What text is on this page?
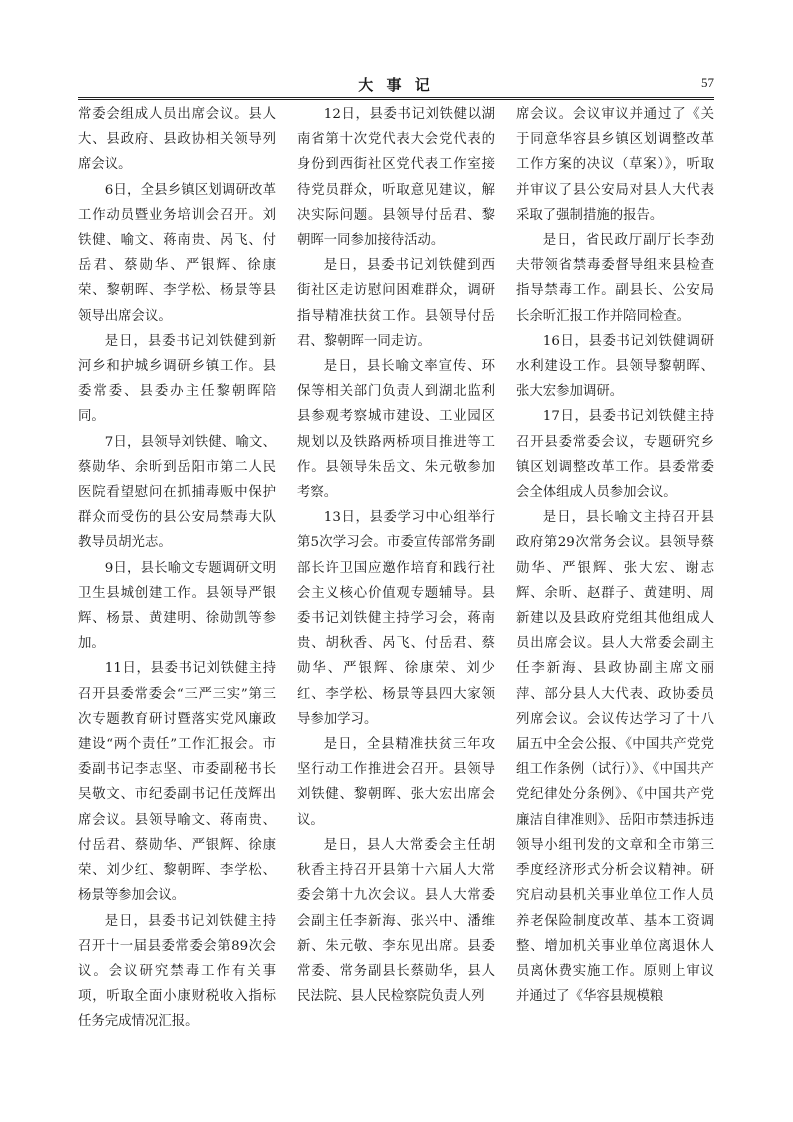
大 事 记	57

常委会组成人员出席会议。县人大、县政府、县政协相关领导列席会议。

6日，全县乡镇区划调研改革工作动员暨业务培训会召开。刘铁健、喻文、蒋南贵、呙飞、付岳君、蔡勋华、严银辉、徐康荣、黎朝晖、李学松、杨景等县领导出席会议。

是日，县委书记刘铁健到新河乡和护城乡调研乡镇工作。县委常委、县委办主任黎朝晖陪同。

7日，县领导刘铁健、喻文、蔡勋华、余昕到岳阳市第二人民医院看望慰问在抓捕毒贩中保护群众而受伤的县公安局禁毒大队教导员胡光志。

9日，县长喻文专题调研文明卫生县城创建工作。县领导严银辉、杨景、黄建明、徐勋凯等参加。

11日，县委书记刘铁健主持召开县委常委会“三严三实”第三次专题教育研讨暨落实党风廉政建设“两个责任”工作汇报会。市委副书记李志坚、市委副秘书长吴敬文、市纪委副书记任茂辉出席会议。县领导喻文、蒋南贵、付岳君、蔡勋华、严银辉、徐康荣、刘少红、黎朝晖、李学松、杨景等参加会议。

是日，县委书记刘铁健主持召开十一届县委常委会第89次会议。会议研究禁毒工作有关事项，听取全面小康财税收入指标任务完成情况汇报。

12日，县委书记刘铁健以湖南省第十次党代表大会党代表的身份到西街社区党代表工作室接待党员群众，听取意见建议，解决实际问题。县领导付岳君、黎朝晖一同参加接待活动。

是日，县委书记刘铁健到西街社区走访慰问困难群众，调研指导精准扶贫工作。县领导付岳君、黎朝晖一同走访。

是日，县长喻文率宣传、环保等相关部门负责人到湖北监利县参观考察城市建设、工业园区规划以及铁路两桥项目推进等工作。县领导朱岳文、朱元敬参加考察。

13日，县委学习中心组举行第5次学习会。市委宣传部常务副部长许卫国应邀作培育和践行社会主义核心价值观专题辅导。县委书记刘铁健主持学习会，蒋南贵、胡秋香、呙飞、付岳君、蔡勋华、严银辉、徐康荣、刘少红、李学松、杨景等县四大家领导参加学习。

是日，全县精准扶贫三年攻坚行动工作推进会召开。县领导刘铁健、黎朝晖、张大宏出席会议。

是日，县人大常委会主任胡秋香主持召开县第十六届人大常委会第十九次会议。县人大常委会副主任李新海、张兴中、潘维新、朱元敬、李东见出席。县委常委、常务副县长蔡勋华，县人民法院、县人民检察院负责人列

席会议。会议审议并通过了《关于同意华容县乡镇区划调整改革工作方案的决议（草案）》，听取并审议了县公安局对县人大代表采取了强制措施的报告。

是日，省民政厅副厅长李劲夫带领省禁毒委督导组来县检查指导禁毒工作。副县长、公安局长余昕汇报工作并陪同检查。

16日，县委书记刘铁健调研水利建设工作。县领导黎朝晖、张大宏参加调研。

17日，县委书记刘铁健主持召开县委常委会议，专题研究乡镇区划调整改革工作。县委常委会全体组成人员参加会议。

是日，县长喻文主持召开县政府第29次常务会议。县领导蔡勋华、严银辉、张大宏、谢志辉、余昕、赵群子、黄建明、周新建以及县政府党组其他组成人员出席会议。县人大常委会副主任李新海、县政协副主席文丽萍、部分县人大代表、政协委员列席会议。会议传达学习了十八届五中全会公报、《中国共产党党组工作条例（试行）》、《中国共产党纪律处分条例》、《中国共产党廉洁自律准则》、岳阳市禁违拆违领导小组刊发的文章和全市第三季度经济形式分析会议精神。研究启动县机关事业单位工作人员养老保险制度改革、基本工资调整、增加机关事业单位离退休人员离休费实施工作。原则上审议并通过了《华容县规模粮
